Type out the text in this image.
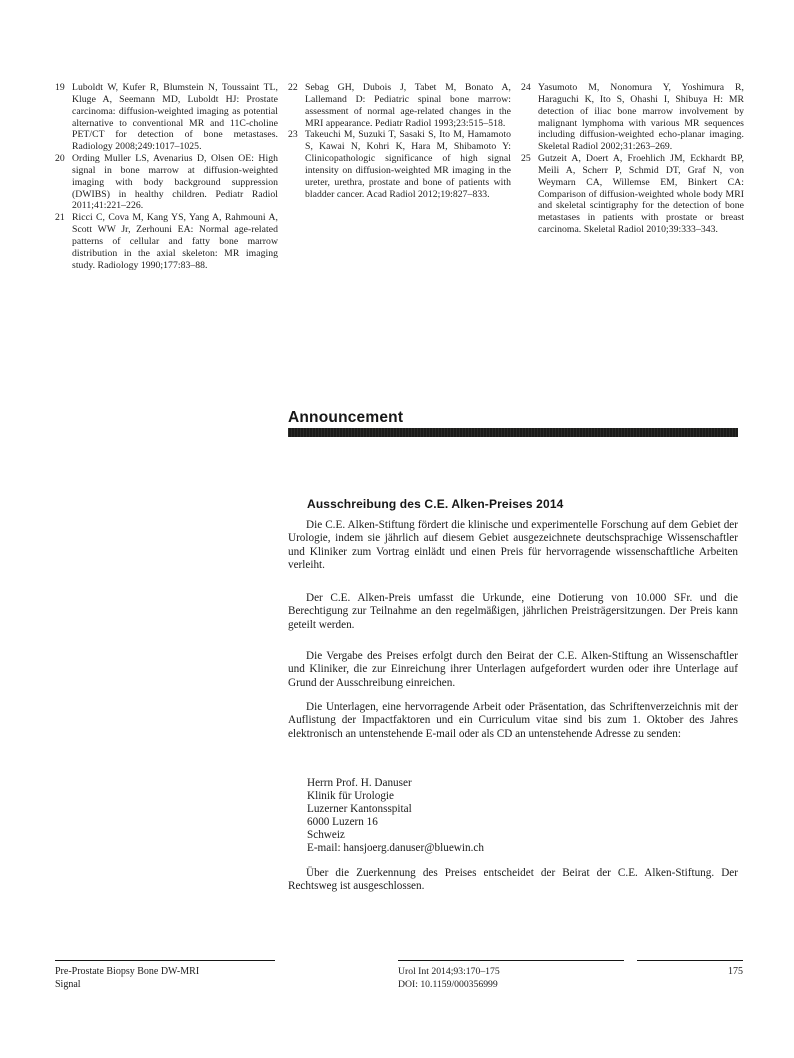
19 Luboldt W, Kufer R, Blumstein N, Toussaint TL, Kluge A, Seemann MD, Luboldt HJ: Prostate carcinoma: diffusion-weighted imaging as potential alternative to conventional MR and 11C-choline PET/CT for detection of bone metastases. Radiology 2008;249:1017–1025.
20 Ording Muller LS, Avenarius D, Olsen OE: High signal in bone marrow at diffusion-weighted imaging with body background suppression (DWIBS) in healthy children. Pediatr Radiol 2011;41:221–226.
21 Ricci C, Cova M, Kang YS, Yang A, Rahmouni A, Scott WW Jr, Zerhouni EA: Normal age-related patterns of cellular and fatty bone marrow distribution in the axial skeleton: MR imaging study. Radiology 1990;177:83–88.
22 Sebag GH, Dubois J, Tabet M, Bonato A, Lallemand D: Pediatric spinal bone marrow: assessment of normal age-related changes in the MRI appearance. Pediatr Radiol 1993;23:515–518.
23 Takeuchi M, Suzuki T, Sasaki S, Ito M, Hamamoto S, Kawai N, Kohri K, Hara M, Shibamoto Y: Clinicopathologic significance of high signal intensity on diffusion-weighted MR imaging in the ureter, urethra, prostate and bone of patients with bladder cancer. Acad Radiol 2012;19:827–833.
24 Yasumoto M, Nonomura Y, Yoshimura R, Haraguchi K, Ito S, Ohashi I, Shibuya H: MR detection of iliac bone marrow involvement by malignant lymphoma with various MR sequences including diffusion-weighted echo-planar imaging. Skeletal Radiol 2002;31:263–269.
25 Gutzeit A, Doert A, Froehlich JM, Eckhardt BP, Meili A, Scherr P, Schmid DT, Graf N, von Weymarn CA, Willemse EM, Binkert CA: Comparison of diffusion-weighted whole body MRI and skeletal scintigraphy for the detection of bone metastases in patients with prostate or breast carcinoma. Skeletal Radiol 2010;39:333–343.
Announcement
Ausschreibung des C.E. Alken-Preises 2014

Die C.E. Alken-Stiftung fördert die klinische und experimentelle Forschung auf dem Gebiet der Urologie, indem sie jährlich auf diesem Gebiet ausgezeichnete deutschsprachige Wissenschaftler und Kliniker zum Vortrag einlädt und einen Preis für hervorragende wissenschaftliche Arbeiten verleiht.

Der C.E. Alken-Preis umfasst die Urkunde, eine Dotierung von 10.000 SFr. und die Berechtigung zur Teilnahme an den regelmäßigen, jährlichen Preisträgersitzungen. Der Preis kann geteilt werden.

Die Vergabe des Preises erfolgt durch den Beirat der C.E. Alken-Stiftung an Wissenschaftler und Kliniker, die zur Einreichung ihrer Unterlagen aufgefordert wurden oder ihre Unterlage auf Grund der Ausschreibung einreichen.

Die Unterlagen, eine hervorragende Arbeit oder Präsentation, das Schriftenverzeichnis mit der Auflistung der Impactfaktoren und ein Curriculum vitae sind bis zum 1. Oktober des Jahres elektronisch an untenstehende E-mail oder als CD an untenstehende Adresse zu senden:

Herrn Prof. H. Danuser
Klinik für Urologie
Luzerner Kantonsspital
6000 Luzern 16
Schweiz
E-mail: hansjoerg.danuser@bluewin.ch

Über die Zuerkennung des Preises entscheidet der Beirat der C.E. Alken-Stiftung. Der Rechtsweg ist ausgeschlossen.

Pre-Prostate Biopsy Bone DW-MRI
Signal
Urol Int 2014;93:170–175
DOI: 10.1159/000356999
175
